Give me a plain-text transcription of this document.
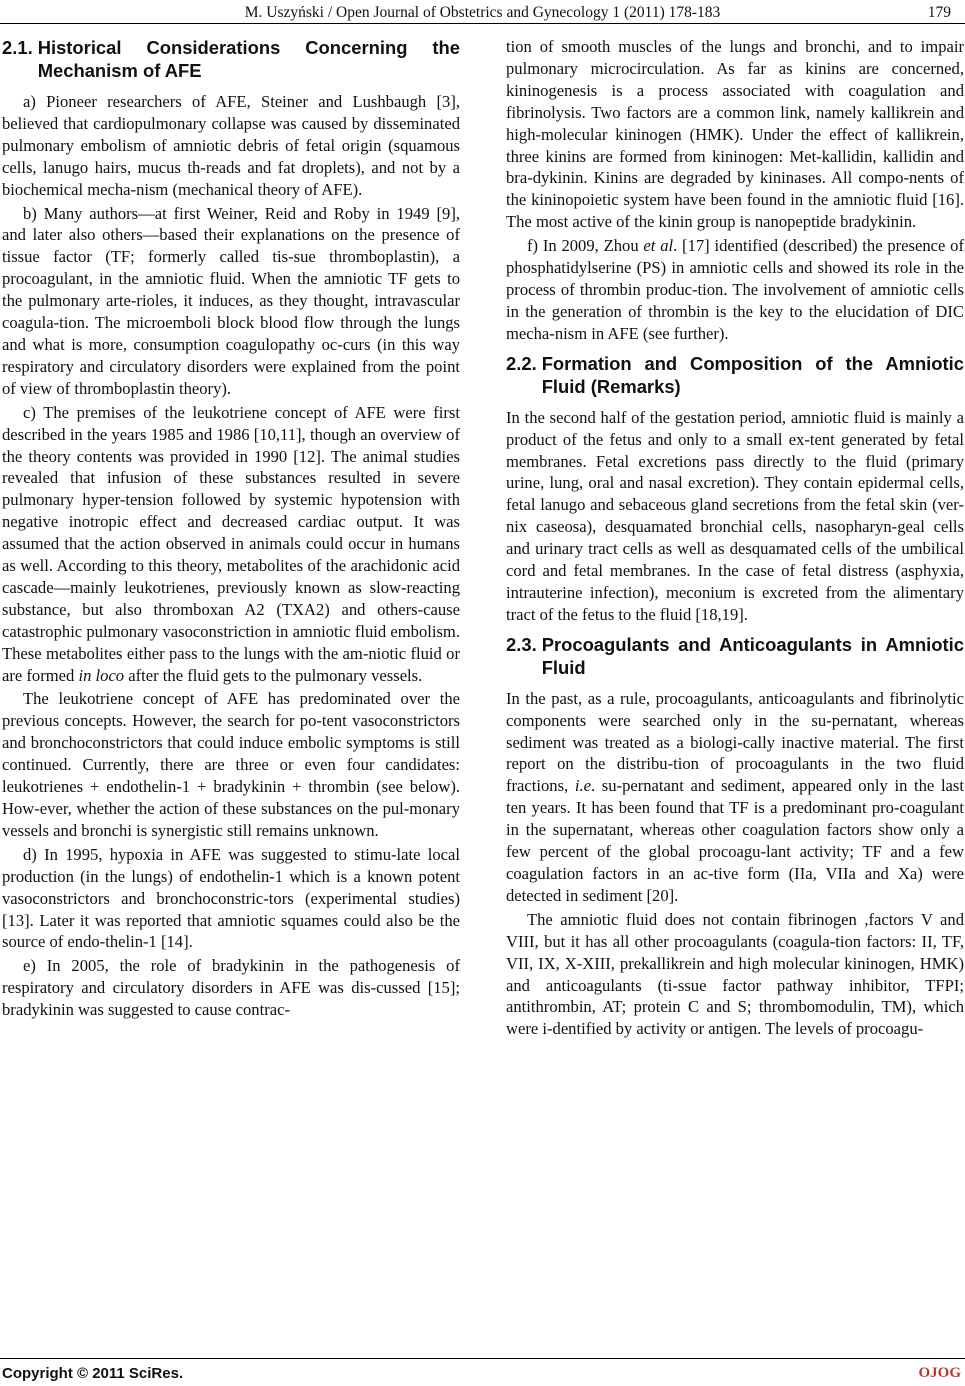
M. Uszyński / Open Journal of Obstetrics and Gynecology 1 (2011) 178-183	179
2.1. Historical Considerations Concerning the Mechanism of AFE

a) Pioneer researchers of AFE, Steiner and Lushbaugh [3], believed that cardiopulmonary collapse was caused by disseminated pulmonary embolism of amniotic debris of fetal origin (squamous cells, lanugo hairs, mucus th-reads and fat droplets), and not by a biochemical mecha-nism (mechanical theory of AFE).

b) Many authors—at first Weiner, Reid and Roby in 1949 [9], and later also others—based their explanations on the presence of tissue factor (TF; formerly called tis-sue thromboplastin), a procoagulant, in the amniotic fluid. When the amniotic TF gets to the pulmonary arte-rioles, it induces, as they thought, intravascular coagula-tion. The microemboli block blood flow through the lungs and what is more, consumption coagulopathy oc-curs (in this way respiratory and circulatory disorders were explained from the point of view of thromboplastin theory).

c) The premises of the leukotriene concept of AFE were first described in the years 1985 and 1986 [10,11], though an overview of the theory contents was provided in 1990 [12]. The animal studies revealed that infusion of these substances resulted in severe pulmonary hyper-tension followed by systemic hypotension with negative inotropic effect and decreased cardiac output. It was assumed that the action observed in animals could occur in humans as well. According to this theory, metabolites of the arachidonic acid cascade—mainly leukotrienes, previously known as slow-reacting substance, but also thromboxan A2 (TXA2) and others-cause catastrophic pulmonary vasoconstriction in amniotic fluid embolism. These metabolites either pass to the lungs with the am-niotic fluid or are formed in loco after the fluid gets to the pulmonary vessels.

The leukotriene concept of AFE has predominated over the previous concepts. However, the search for po-tent vasoconstrictors and bronchoconstrictors that could induce embolic symptoms is still continued. Currently, there are three or even four candidates: leukotrienes + endothelin-1 + bradykinin + thrombin (see below). How-ever, whether the action of these substances on the pul-monary vessels and bronchi is synergistic still remains unknown.

d) In 1995, hypoxia in AFE was suggested to stimu-late local production (in the lungs) of endothelin-1 which is a known potent vasoconstrictors and bronchoconstric-tors (experimental studies) [13]. Later it was reported that amniotic squames could also be the source of endo-thelin-1 [14].

e) In 2005, the role of bradykinin in the pathogenesis of respiratory and circulatory disorders in AFE was dis-cussed [15]; bradykinin was suggested to cause contrac-

tion of smooth muscles of the lungs and bronchi, and to impair pulmonary microcirculation. As far as kinins are concerned, kininogenesis is a process associated with coagulation and fibrinolysis. Two factors are a common link, namely kallikrein and high-molecular kininogen (HMK). Under the effect of kallikrein, three kinins are formed from kininogen: Met-kallidin, kallidin and bra-dykinin. Kinins are degraded by kininases. All compo-nents of the kininopoietic system have been found in the amniotic fluid [16]. The most active of the kinin group is nanopeptide bradykinin.

f) In 2009, Zhou et al. [17] identified (described) the presence of phosphatidylserine (PS) in amniotic cells and showed its role in the process of thrombin produc-tion. The involvement of amniotic cells in the generation of thrombin is the key to the elucidation of DIC mecha-nism in AFE (see further).

2.2. Formation and Composition of the Amniotic Fluid (Remarks)

In the second half of the gestation period, amniotic fluid is mainly a product of the fetus and only to a small ex-tent generated by fetal membranes. Fetal excretions pass directly to the fluid (primary urine, lung, oral and nasal excretion). They contain epidermal cells, fetal lanugo and sebaceous gland secretions from the fetal skin (ver-nix caseosa), desquamated bronchial cells, nasopharyn-geal cells and urinary tract cells as well as desquamated cells of the umbilical cord and fetal membranes. In the case of fetal distress (asphyxia, intrauterine infection), meconium is excreted from the alimentary tract of the fetus to the fluid [18,19].

2.3. Procoagulants and Anticoagulants in Amniotic Fluid

In the past, as a rule, procoagulants, anticoagulants and fibrinolytic components were searched only in the su-pernatant, whereas sediment was treated as a biologi-cally inactive material. The first report on the distribu-tion of procoagulants in the two fluid fractions, i.e. su-pernatant and sediment, appeared only in the last ten years. It has been found that TF is a predominant pro-coagulant in the supernatant, whereas other coagulation factors show only a few percent of the global procoagu-lant activity; TF and a few coagulation factors in an ac-tive form (IIa, VIIa and Xa) were detected in sediment [20].

The amniotic fluid does not contain fibrinogen ,factors V and VIII, but it has all other procoagulants (coagula-tion factors: II, TF, VII, IX, X-XIII, prekallikrein and high molecular kininogen, HMK) and anticoagulants (ti-ssue factor pathway inhibitor, TFPI; antithrombin, AT; protein C and S; thrombomodulin, TM), which were i-dentified by activity or antigen. The levels of procoagu-

Copyright © 2011 SciRes.	OJOG
